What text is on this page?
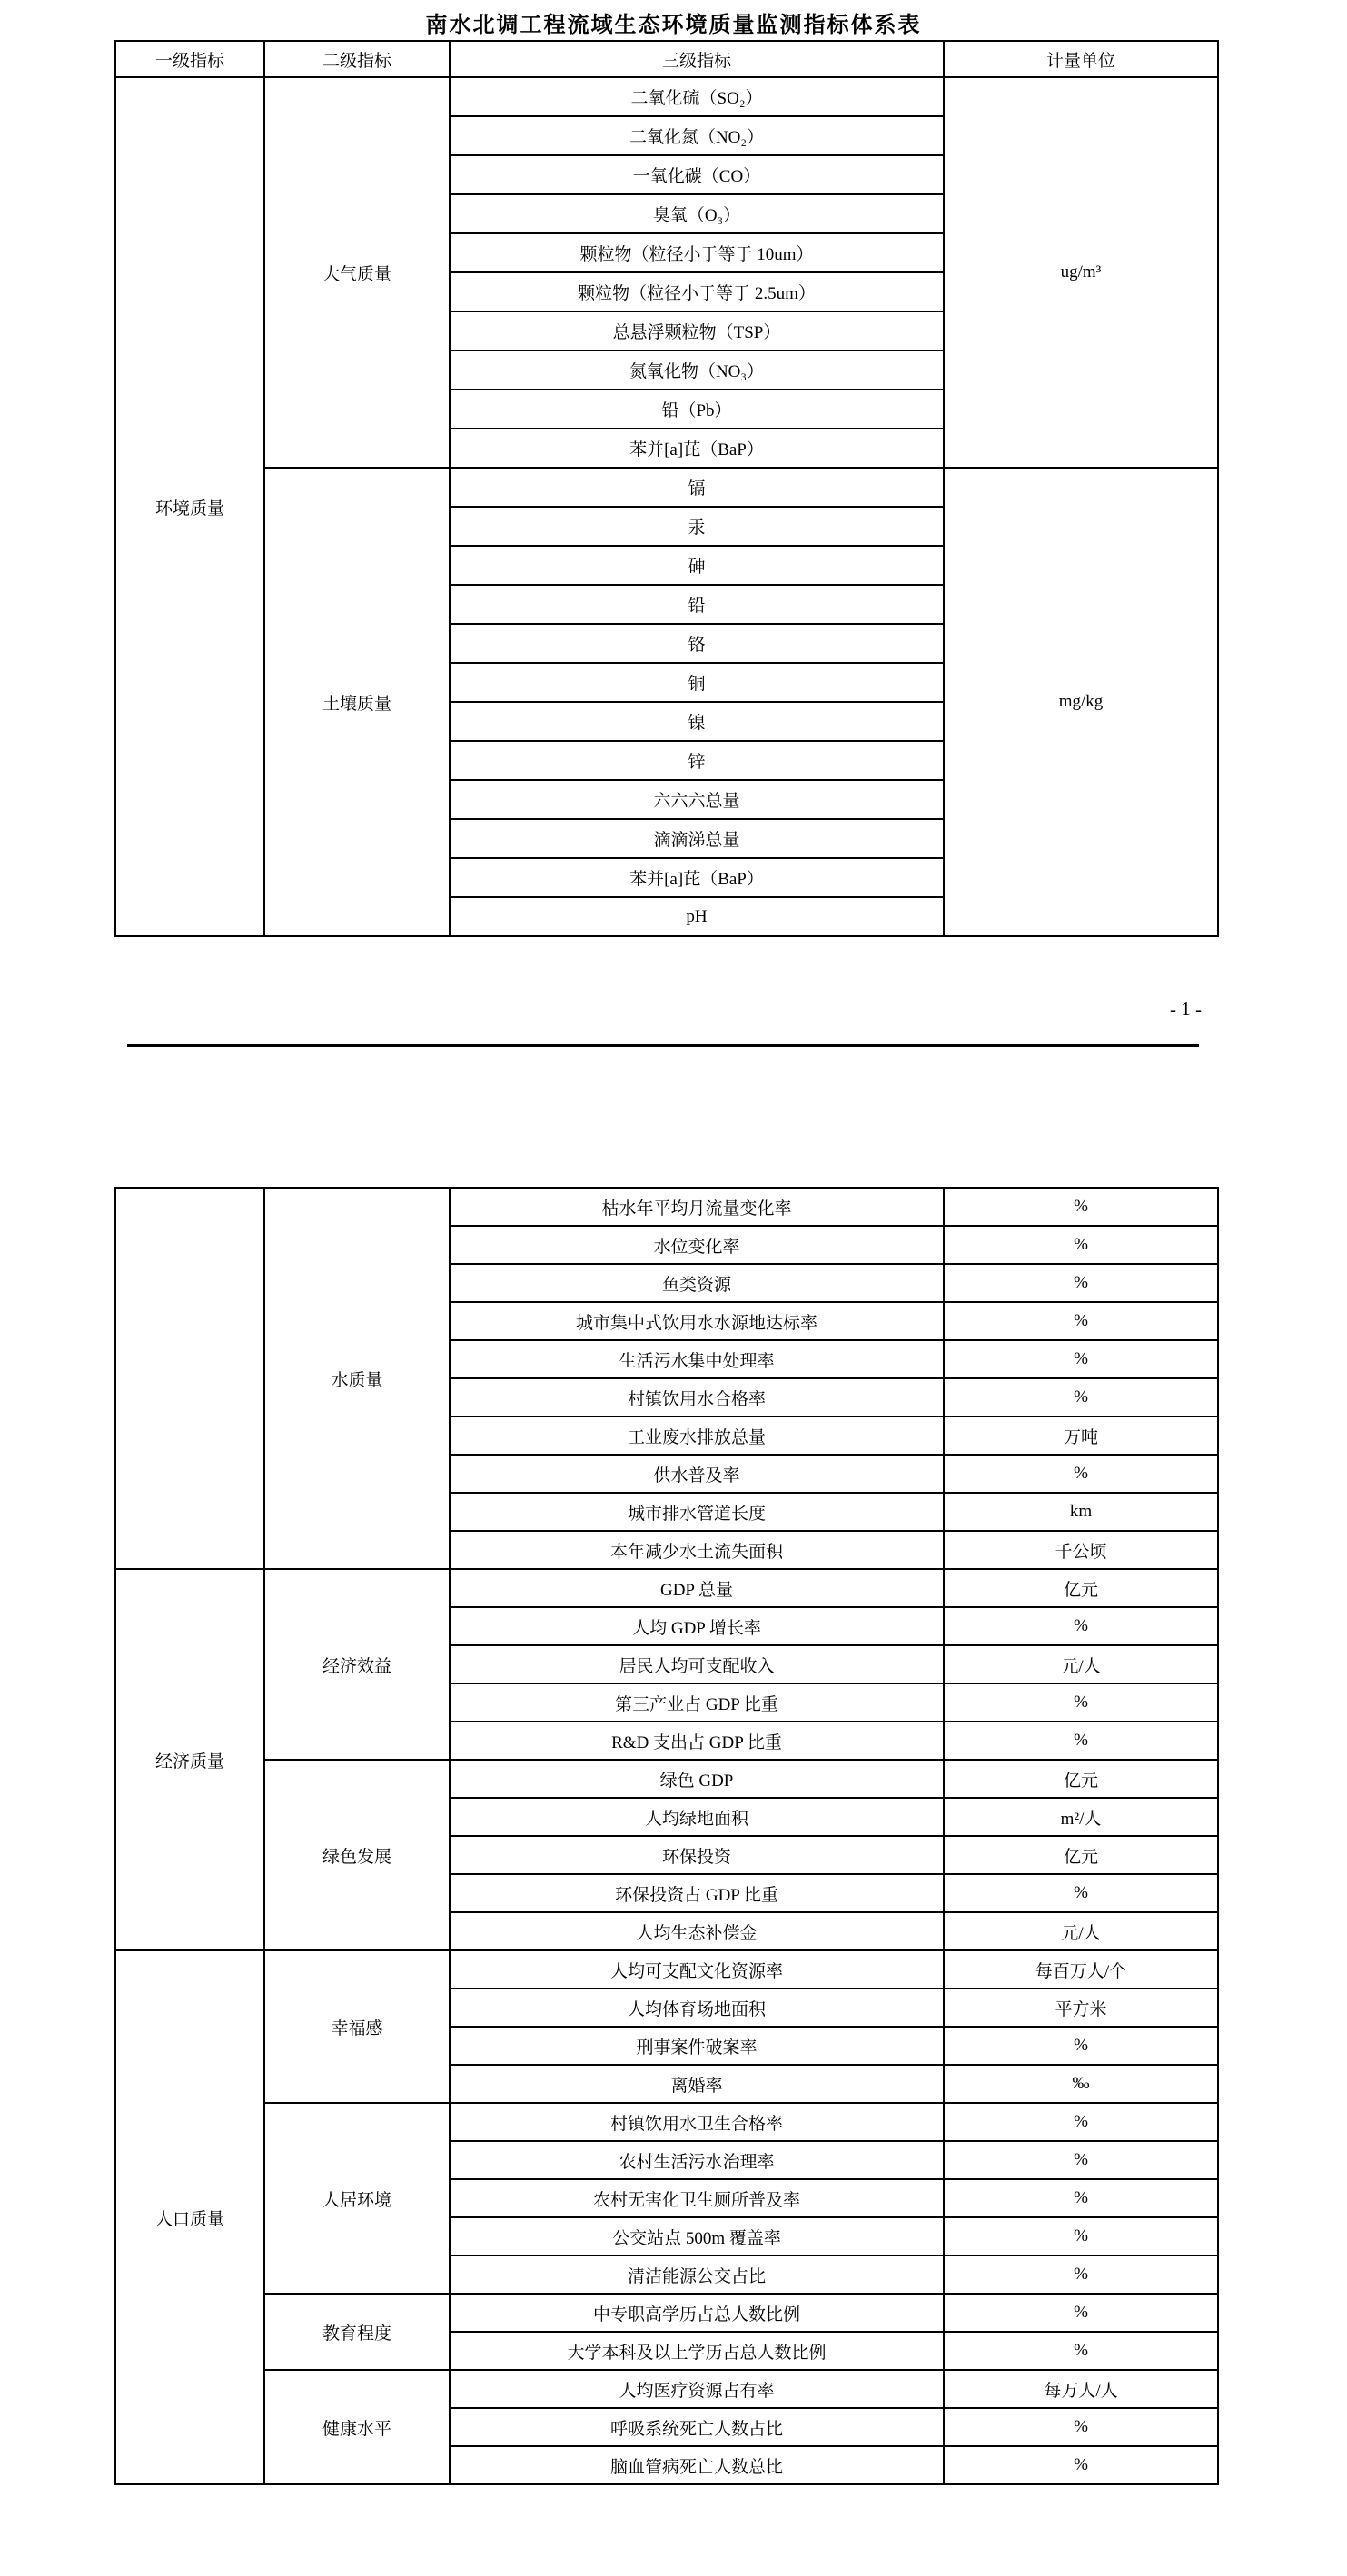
南水北调工程流域生态环境质量监测指标体系表
一级指标	二级指标	三级指标	计量单位
环境质量	大气质量	二氧化硫（SO₂）	ug/m³
		二氧化氮（NO₂）	
		一氧化碳（CO）	
		臭氧（O₃）	
		颗粒物（粒径小于等于 10um）	
		颗粒物（粒径小于等于 2.5um）	
		总悬浮颗粒物（TSP）	
		氮氧化物（NO₃）	
		铅（Pb）	
		苯并[a]芘（BaP）	
	土壤质量	镉	mg/kg
		汞	
		砷	
		铅	
		铬	
		铜	
		镍	
		锌	
		六六六总量	
		滴滴涕总量	
		苯并[a]芘（BaP）	
		pH	
- 1 -
	水质量	枯水年平均月流量变化率	%
		水位变化率	%
		鱼类资源	%
		城市集中式饮用水水源地达标率	%
		生活污水集中处理率	%
		村镇饮用水合格率	%
		工业废水排放总量	万吨
		供水普及率	%
		城市排水管道长度	km
		本年减少水土流失面积	千公顷
经济质量	经济效益	GDP 总量	亿元
		人均 GDP 增长率	%
		居民人均可支配收入	元/人
		第三产业占 GDP 比重	%
		R&D 支出占 GDP 比重	%
	绿色发展	绿色 GDP	亿元
		人均绿地面积	m²/人
		环保投资	亿元
		环保投资占 GDP 比重	%
		人均生态补偿金	元/人
人口质量	幸福感	人均可支配文化资源率	每百万人/个
		人均体育场地面积	平方米
		刑事案件破案率	%
		离婚率	‰
	人居环境	村镇饮用水卫生合格率	%
		农村生活污水治理率	%
		农村无害化卫生厕所普及率	%
		公交站点 500m 覆盖率	%
		清洁能源公交占比	%
	教育程度	中专职高学历占总人数比例	%
		大学本科及以上学历占总人数比例	%
	健康水平	人均医疗资源占有率	每万人/人
		呼吸系统死亡人数占比	%
		脑血管病死亡人数总比	%
